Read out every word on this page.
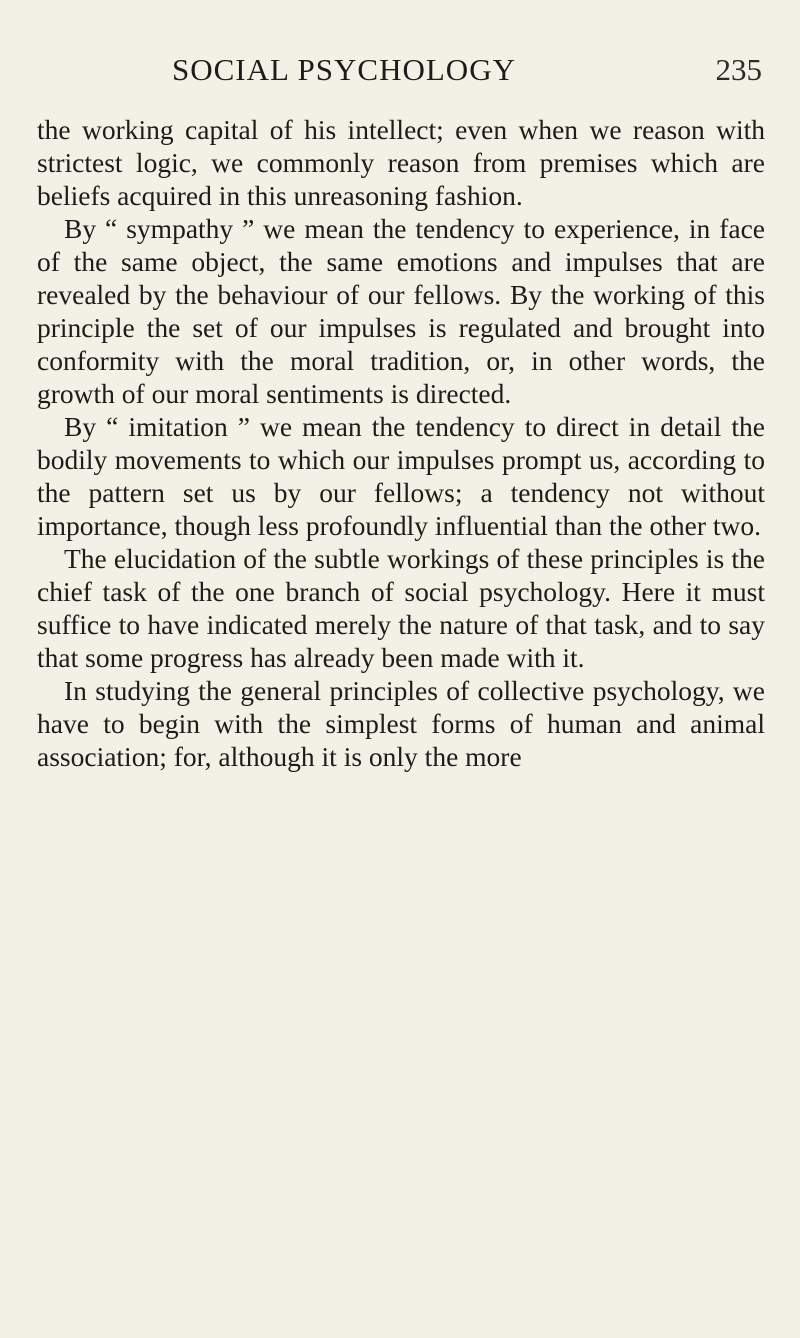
SOCIAL PSYCHOLOGY	235

the working capital of his intellect; even when we reason with strictest logic, we commonly reason from premises which are beliefs acquired in this unreasoning fashion.

By “ sympathy ” we mean the tendency to experience, in face of the same object, the same emotions and impulses that are revealed by the behaviour of our fellows. By the working of this principle the set of our impulses is regulated and brought into conformity with the moral tradition, or, in other words, the growth of our moral sentiments is directed.

By “ imitation ” we mean the tendency to direct in detail the bodily movements to which our impulses prompt us, according to the pattern set us by our fellows; a tendency not without importance, though less profoundly influential than the other two.

The elucidation of the subtle workings of these principles is the chief task of the one branch of social psychology. Here it must suffice to have indicated merely the nature of that task, and to say that some progress has already been made with it.

In studying the general principles of collective psychology, we have to begin with the simplest forms of human and animal association; for, although it is only the more
